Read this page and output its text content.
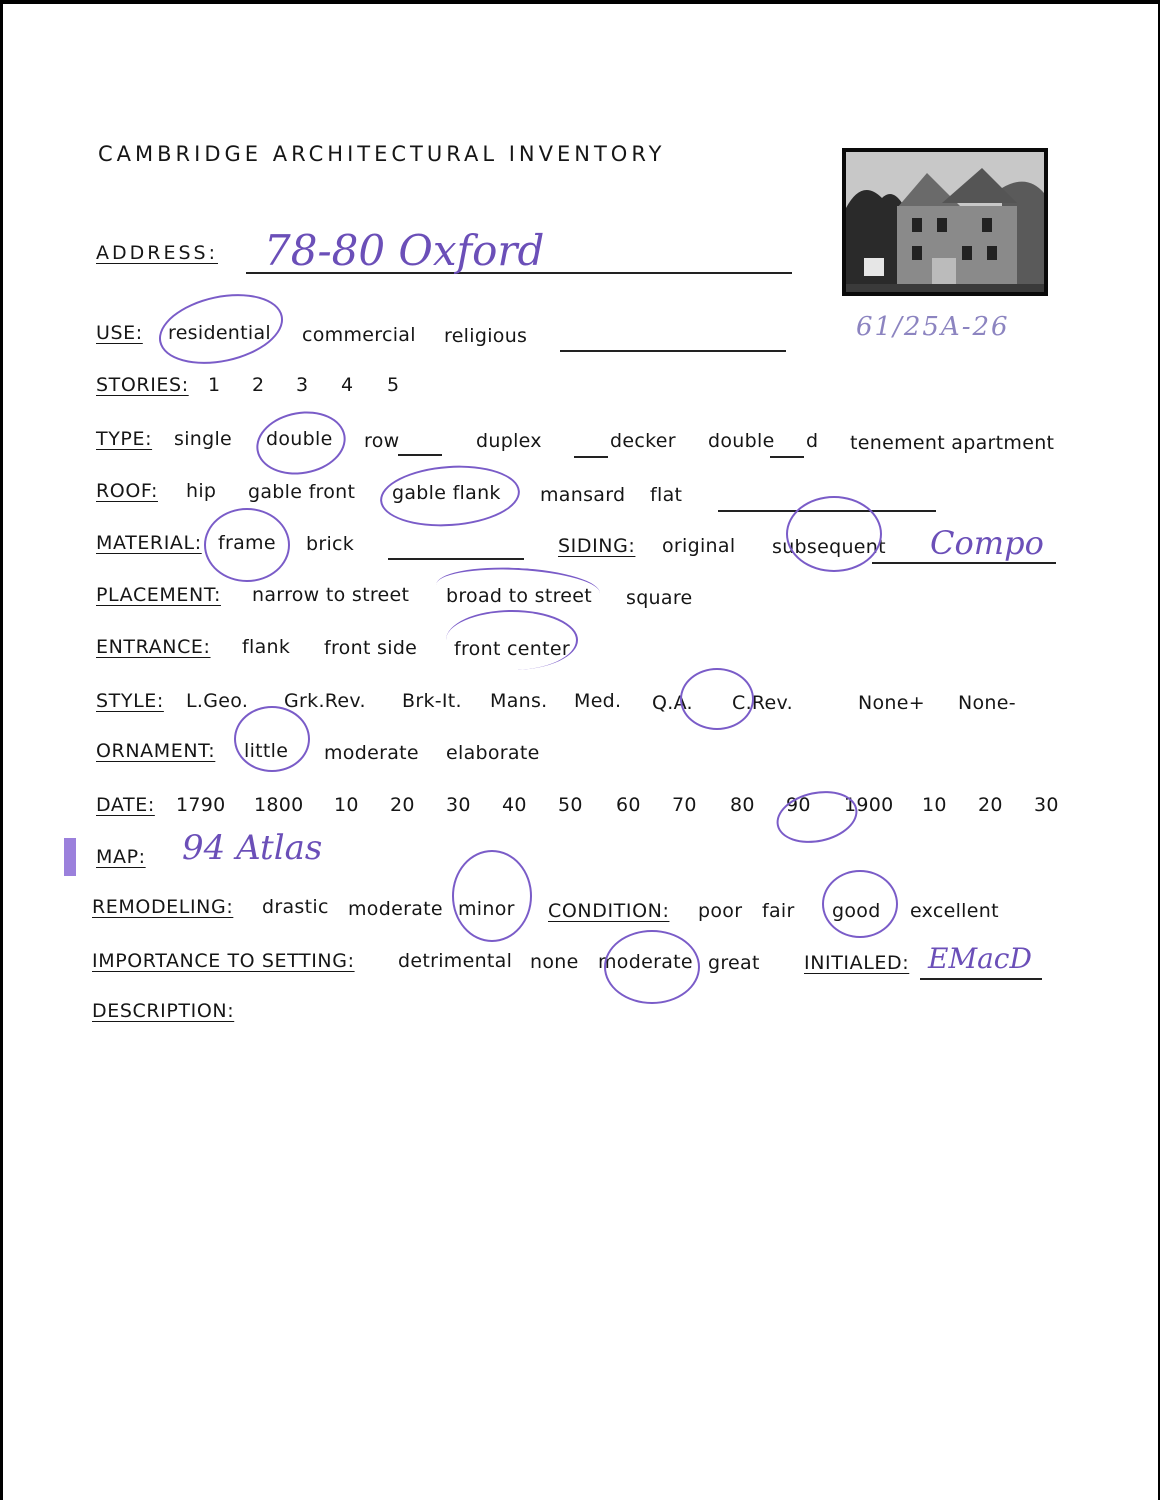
CAMBRIDGE ARCHITECTURAL INVENTORY
61/25A-26
ADDRESS: 78-80 Oxford
USE: residential commercial religious
STORIES: 1 2 3 4 5
TYPE: single double row	duplex	decker double d tenement apartment
ROOF: hip gable front gable flank mansard flat
MATERIAL: frame brick	SIDING: original subsequent Compo
PLACEMENT: narrow to street broad to street square
ENTRANCE: flank front side front center
STYLE: L.Geo. Grk.Rev. Brk-It. Mans. Med. Q.A. C.Rev.	None+ None-
ORNAMENT: little moderate elaborate
DATE: 1790 1800 10 20 30 40 50 60 70 80 90 1900 10 20 30
MAP: 94 Atlas
REMODELING: drastic moderate minor CONDITION: poor fair good excellent
IMPORTANCE TO SETTING: detrimental none moderate great INITIALED: EMacD
DESCRIPTION:
